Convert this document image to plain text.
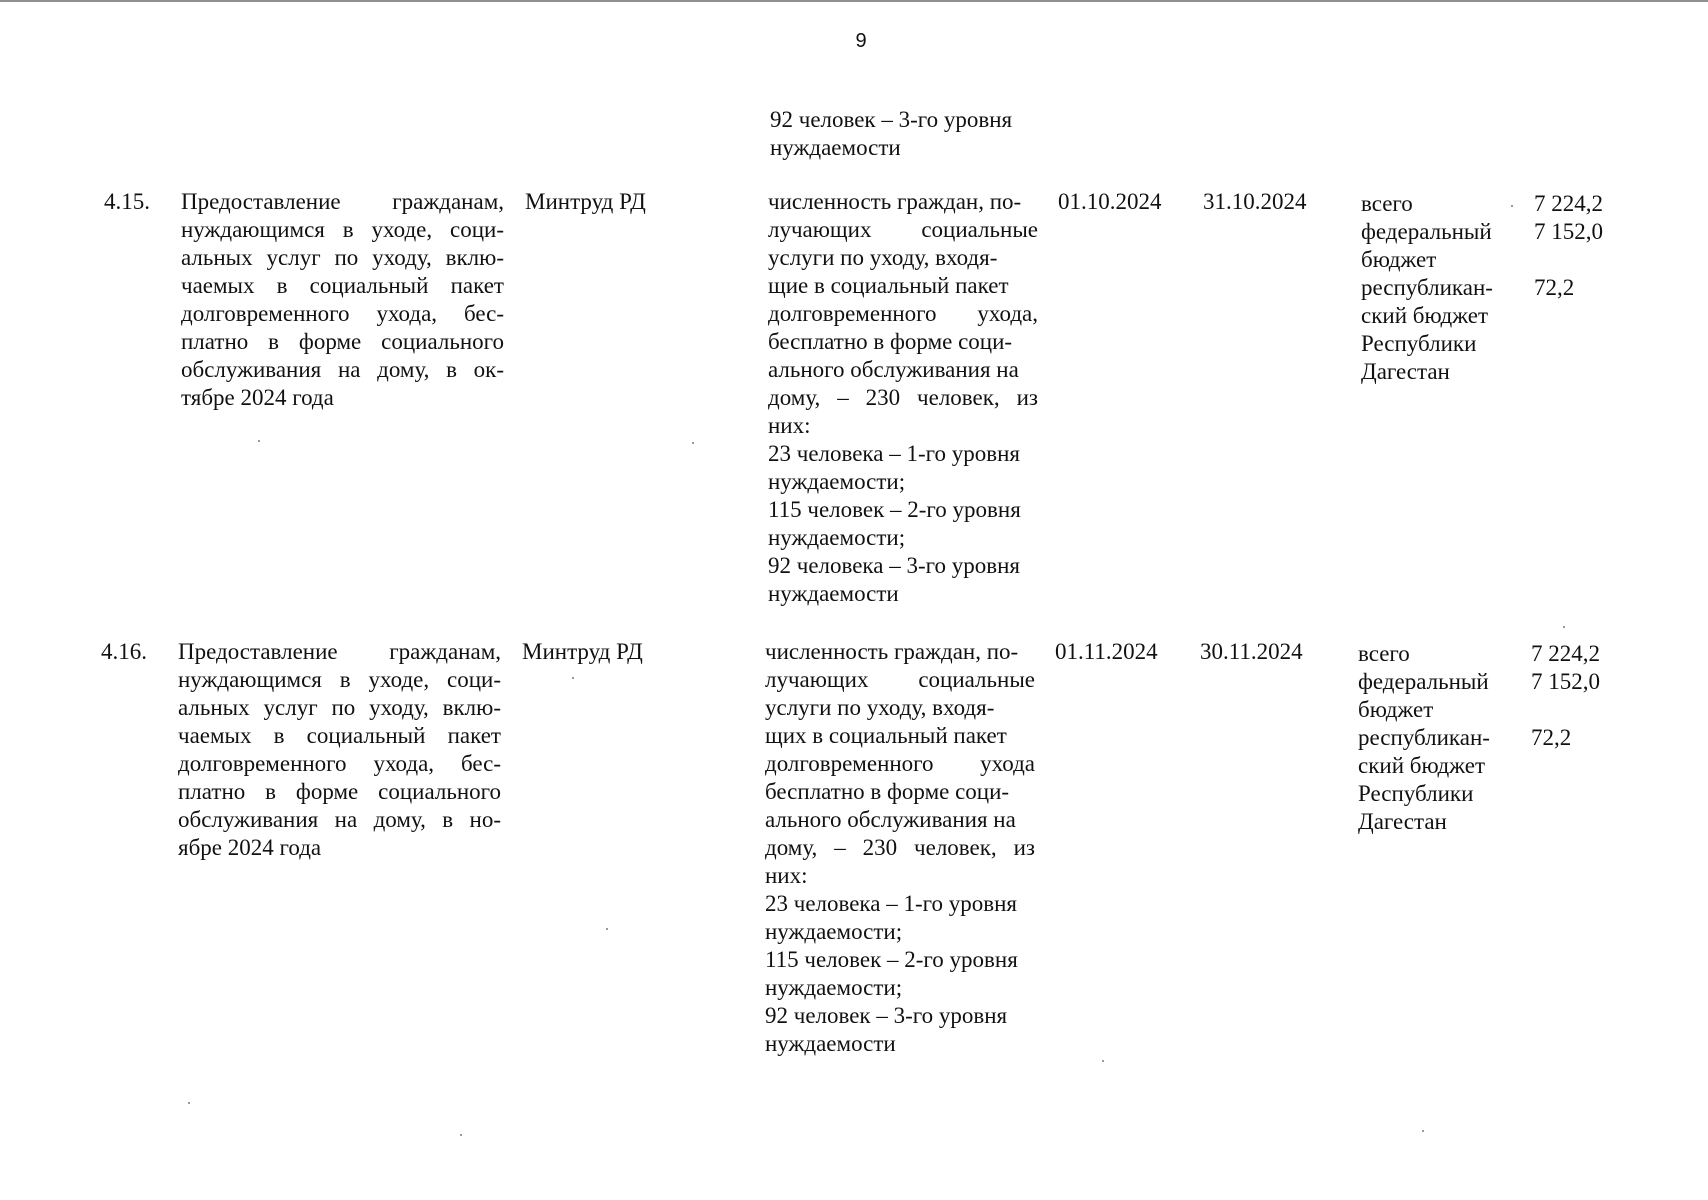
9
92 человек – 3-го уровня
нуждаемости
4.15. Предоставление гражданам,
нуждающимся в уходе, соци-
альных услуг по уходу, вклю-
чаемых в социальный пакет
долговременного ухода, бес-
платно в форме социального
обслуживания на дому, в ок-
тябре 2024 года
Минтруд РД	численность граждан, по-
лучающих социальные
услуги по уходу, входя-
щие в социальный пакет
долговременного ухода,
бесплатно в форме соци-
ального обслуживания на
дому, – 230 человек, из
них:
23 человека – 1-го уровня
нуждаемости;
115 человек – 2-го уровня
нуждаемости;
92 человека – 3-го уровня
нуждаемости
01.10.2024 31.10.2024 всего
федеральный
бюджет
республикан-
ский бюджет
Республики
Дагестан
7 224,2
7 152,0
72,2
4.16. Предоставление гражданам,
нуждающимся в уходе, соци-
альных услуг по уходу, вклю-
чаемых в социальный пакет
долговременного ухода, бес-
платно в форме социального
обслуживания на дому, в но-
ябре 2024 года
Минтруд РД	численность граждан, по-
лучающих социальные
услуги по уходу, входя-
щих в социальный пакет
долговременного ухода
бесплатно в форме соци-
ального обслуживания на
дому, – 230 человек, из
них:
23 человека – 1-го уровня
нуждаемости;
115 человек – 2-го уровня
нуждаемости;
92 человек – 3-го уровня
нуждаемости
01.11.2024 30.11.2024 всего
федеральный
бюджет
республикан-
ский бюджет
Республики
Дагестан
7 224,2
7 152,0
72,2
